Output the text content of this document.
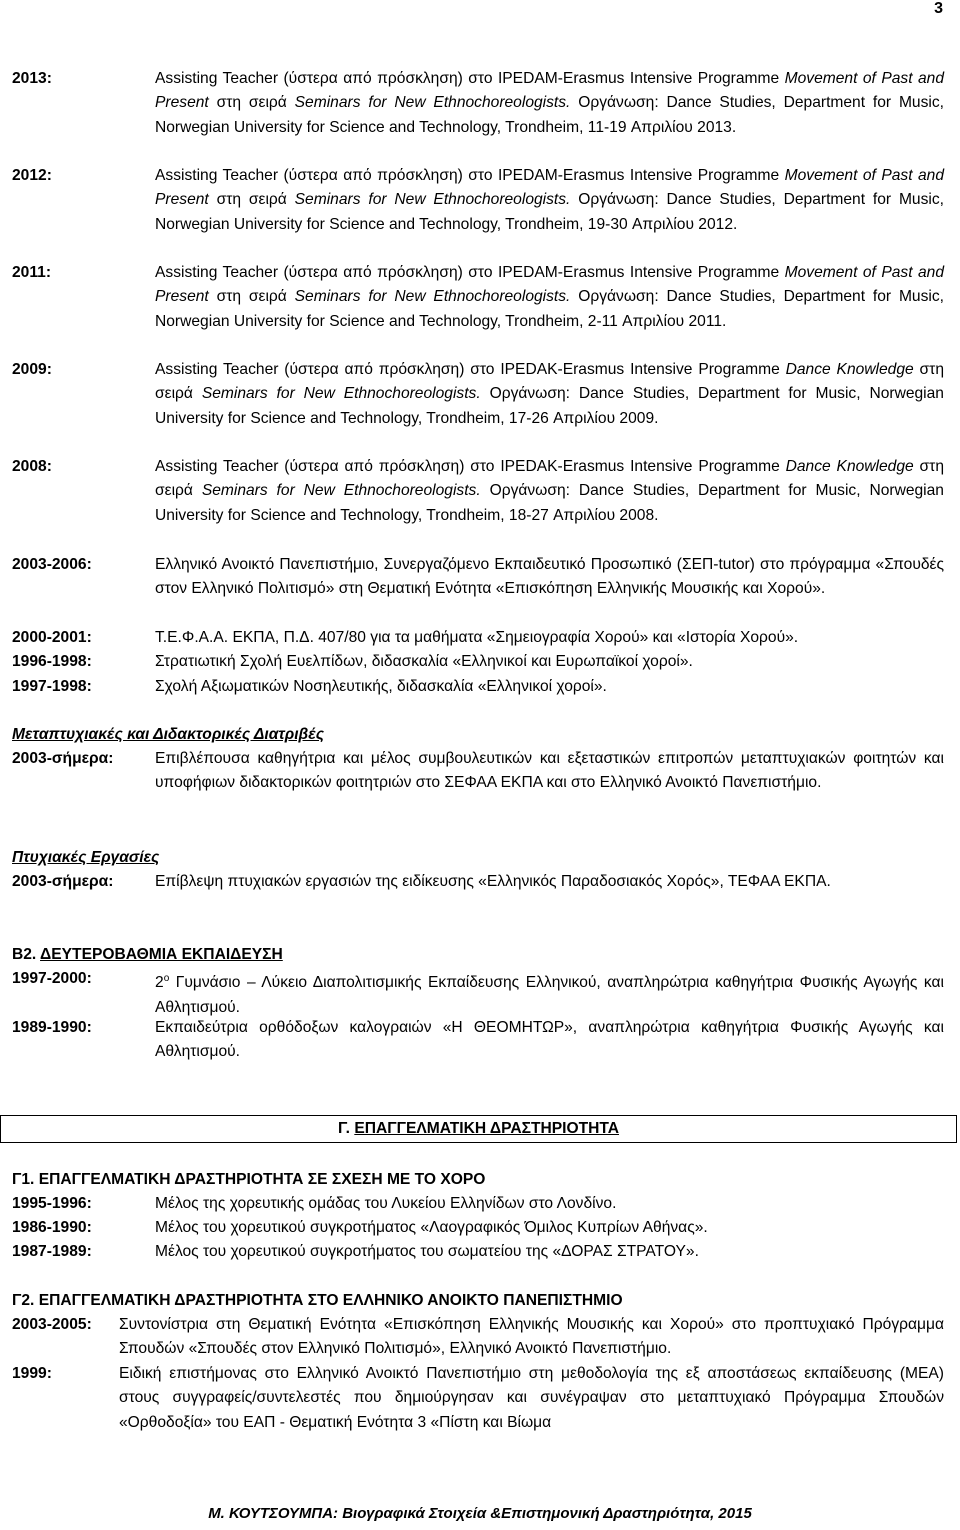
3
2013:	Assisting Teacher (ύστερα από πρόσκληση) στο IPEDAM-Erasmus Intensive Programme Movement of Past and Present στη σειρά Seminars for New Ethnochoreologists. Οργάνωση: Dance Studies, Department for Music, Norwegian University for Science and Technology, Trondheim, 11-19 Απριλίου 2013.
2012:	Assisting Teacher (ύστερα από πρόσκληση) στο IPEDAM-Erasmus Intensive Programme Movement of Past and Present στη σειρά Seminars for New Ethnochoreologists. Οργάνωση: Dance Studies, Department for Music, Norwegian University for Science and Technology, Trondheim, 19-30 Απριλίου 2012.
2011:	Assisting Teacher (ύστερα από πρόσκληση) στο IPEDAM-Erasmus Intensive Programme Movement of Past and Present στη σειρά Seminars for New Ethnochoreologists. Οργάνωση: Dance Studies, Department for Music, Norwegian University for Science and Technology, Trondheim, 2-11 Απριλίου 2011.
2009:	Assisting Teacher (ύστερα από πρόσκληση) στο IPEDAK-Erasmus Intensive Programme Dance Knowledge στη σειρά Seminars for New Ethnochoreologists. Οργάνωση: Dance Studies, Department for Music, Norwegian University for Science and Technology, Trondheim, 17-26 Απριλίου 2009.
2008:	Assisting Teacher (ύστερα από πρόσκληση) στο IPEDAK-Erasmus Intensive Programme Dance Knowledge στη σειρά Seminars for New Ethnochoreologists. Οργάνωση: Dance Studies, Department for Music, Norwegian University for Science and Technology, Trondheim, 18-27 Απριλίου 2008.
2003-2006:	Ελληνικό Ανοικτό Πανεπιστήμιο, Συνεργαζόμενο Εκπαιδευτικό Προσωπικό (ΣΕΠ-tutor) στο πρόγραμμα «Σπουδές στον Ελληνικό Πολιτισμό» στη Θεματική Ενότητα «Επισκόπηση Ελληνικής Μουσικής και Χορού».
2000-2001:	Τ.Ε.Φ.Α.Α. ΕΚΠΑ, Π.Δ. 407/80 για τα μαθήματα «Σημειογραφία Χορού» και «Ιστορία Χορού».
1996-1998:	Στρατιωτική Σχολή Ευελπίδων, διδασκαλία «Ελληνικοί και Ευρωπαϊκοί χοροί».
1997-1998:	Σχολή Αξιωματικών Νοσηλευτικής, διδασκαλία «Ελληνικοί χοροί».
Μεταπτυχιακές και Διδακτορικές Διατριβές
2003-σήμερα:	Επιβλέπουσα καθηγήτρια και μέλος συμβουλευτικών και εξεταστικών επιτροπών μεταπτυχιακών φοιτητών και υποφήφιων διδακτορικών φοιτητριών στο ΣΕΦΑΑ ΕΚΠΑ και στο Ελληνικό Ανοικτό Πανεπιστήμιο.
Πτυχιακές Εργασίες
2003-σήμερα:	Επίβλεψη πτυχιακών εργασιών της ειδίκευσης «Ελληνικός Παραδοσιακός Χορός», ΤΕΦΑΑ ΕΚΠΑ.
Β2. ΔΕΥΤΕΡΟΒΑΘΜΙΑ ΕΚΠΑΙΔΕΥΣΗ
1997-2000:	$2^o$ Γυμνάσιο – Λύκειο Διαπολιτισμικής Εκπαίδευσης Ελληνικού, αναπληρώτρια καθηγήτρια Φυσικής Αγωγής και Αθλητισμού.
1989-1990:	Εκπαιδεύτρια ορθόδοξων καλογραιών «Η ΘΕΟΜΗΤΩΡ», αναπληρώτρια καθηγήτρια Φυσικής Αγωγής και Αθλητισμού.
Γ. ΕΠΑΓΓΕΛΜΑΤΙΚΗ ΔΡΑΣΤΗΡΙΟΤΗΤΑ
Γ1. ΕΠΑΓΓΕΛΜΑΤΙΚΗ ΔΡΑΣΤΗΡΙΟΤΗΤΑ ΣΕ ΣΧΕΣΗ ΜΕ ΤΟ ΧΟΡΟ
1995-1996:	Μέλος της χορευτικής ομάδας του Λυκείου Ελληνίδων στο Λονδίνο.
1986-1990:	Μέλος του χορευτικού συγκροτήματος «Λαογραφικός Όμιλος Κυπρίων Αθήνας».
1987-1989:	Μέλος του χορευτικού συγκροτήματος του σωματείου της «ΔΟΡΑΣ ΣΤΡΑΤΟΥ».
Γ2. ΕΠΑΓΓΕΛΜΑΤΙΚΗ ΔΡΑΣΤΗΡΙΟΤΗΤΑ ΣΤΟ ΕΛΛΗΝΙΚΟ ΑΝΟΙΚΤΟ ΠΑΝΕΠΙΣΤΗΜΙΟ
2003-2005: Συντονίστρια στη Θεματική Ενότητα «Επισκόπηση Ελληνικής Μουσικής και Χορού» στο προπτυχιακό Πρόγραμμα Σπουδών «Σπουδές στον Ελληνικό Πολιτισμό», Ελληνικό Ανοικτό Πανεπιστήμιο.
1999:	Ειδική επιστήμονας στο Ελληνικό Ανοικτό Πανεπιστήμιο στη μεθοδολογία της εξ αποστάσεως εκπαίδευσης (ΜΕΑ) στους συγγραφείς/συντελεστές που δημιούργησαν και συνέγραψαν στο μεταπτυχιακό Πρόγραμμα Σπουδών «Ορθοδοξία» του ΕΑΠ - Θεματική Ενότητα 3 «Πίστη και Βίωμα
Μ. ΚΟΥΤΣΟΥΜΠΑ: Βιογραφικά Στοιχεία &Επιστημονική Δραστηριότητα, 2015
